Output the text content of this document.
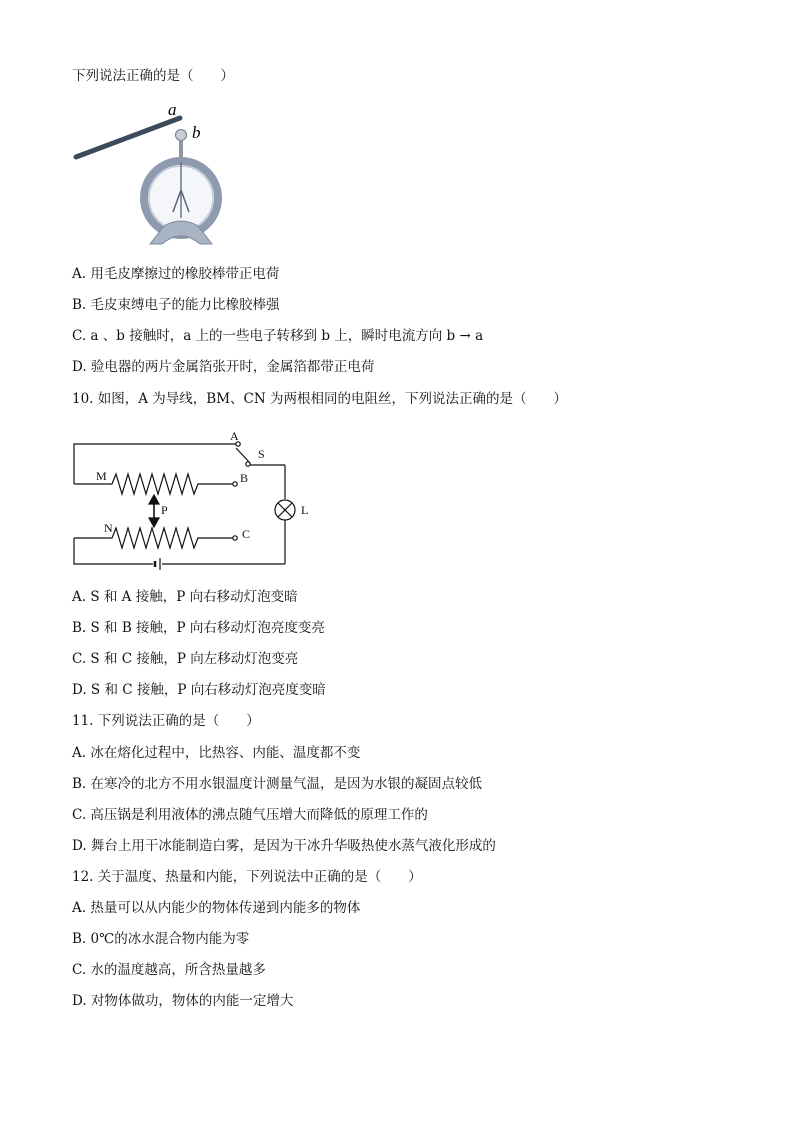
下列说法正确的是（　　）
a
b
A. 用毛皮摩擦过的橡胶棒带正电荷
B. 毛皮束缚电子的能力比橡胶棒强
C. a 、b 接触时，a 上的一些电子转移到 b 上，瞬时电流方向 b → a
D. 验电器的两片金属箔张开时，金属箔都带正电荷
10. 如图，A 为导线，BM、CN 为两根相同的电阻丝，下列说法正确的是（　　）
A
S
M	B
P	L
N	C
A. S 和 A 接触，P 向右移动灯泡变暗
B. S 和 B 接触，P 向右移动灯泡亮度变亮
C. S 和 C 接触，P 向左移动灯泡变亮
D. S 和 C 接触，P 向右移动灯泡亮度变暗
11. 下列说法正确的是（　　）
A. 冰在熔化过程中，比热容、内能、温度都不变
B. 在寒冷的北方不用水银温度计测量气温，是因为水银的凝固点较低
C. 高压锅是利用液体的沸点随气压增大而降低的原理工作的
D. 舞台上用干冰能制造白雾，是因为干冰升华吸热使水蒸气液化形成的
12. 关于温度、热量和内能，下列说法中正确的是（　　）
A. 热量可以从内能少的物体传递到内能多的物体
B. 0℃的冰水混合物内能为零
C. 水的温度越高，所含热量越多
D. 对物体做功，物体的内能一定增大
